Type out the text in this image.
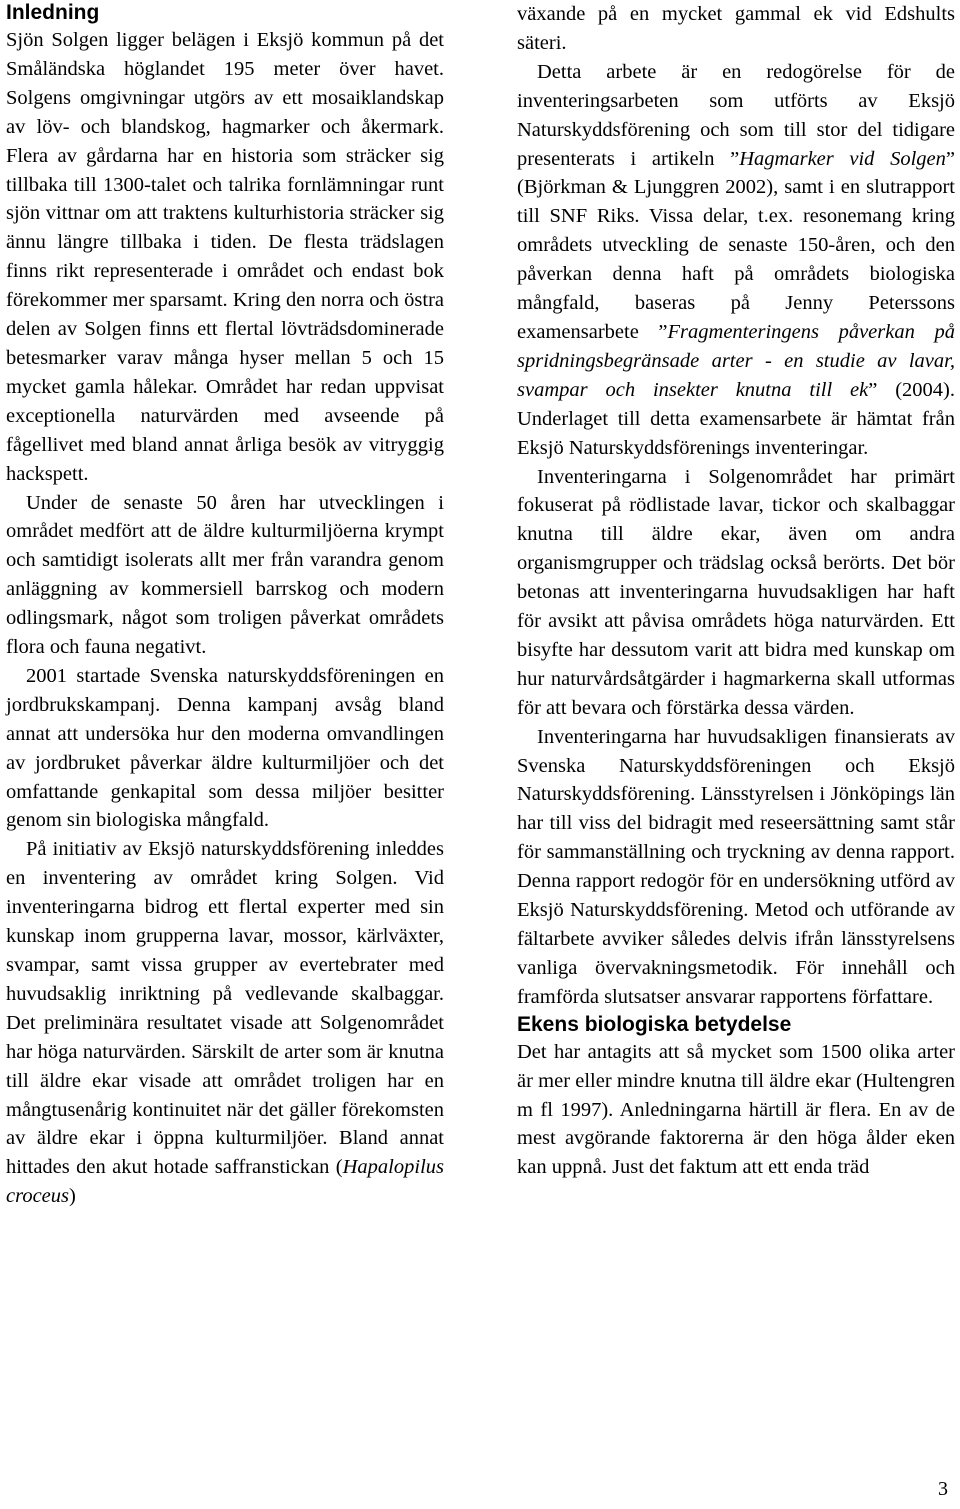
Inledning

Sjön Solgen ligger belägen i Eksjö kommun på det Småländska höglandet 195 meter över havet. Solgens omgivningar utgörs av ett mosaiklandskap av löv- och blandskog, hagmarker och åkermark. Flera av gårdarna har en historia som sträcker sig tillbaka till 1300-talet och talrika fornlämningar runt sjön vittnar om att traktens kulturhistoria sträcker sig ännu längre tillbaka i tiden. De flesta trädslagen finns rikt representerade i området och endast bok förekommer mer sparsamt. Kring den norra och östra delen av Solgen finns ett flertal lövträdsdominerade betesmarker varav många hyser mellan 5 och 15 mycket gamla hålekar. Området har redan uppvisat exceptionella naturvärden med avseende på fågellivet med bland annat årliga besök av vitryggig hackspett.

Under de senaste 50 åren har utvecklingen i området medfört att de äldre kulturmiljöerna krympt och samtidigt isolerats allt mer från varandra genom anläggning av kommersiell barrskog och modern odlingsmark, något som troligen påverkat områdets flora och fauna negativt.

2001 startade Svenska naturskyddsföreningen en jordbrukskampanj. Denna kampanj avsåg bland annat att undersöka hur den moderna omvandlingen av jordbruket påverkar äldre kulturmiljöer och det omfattande genkapital som dessa miljöer besitter genom sin biologiska mångfald.

På initiativ av Eksjö naturskyddsförening inleddes en inventering av området kring Solgen. Vid inventeringarna bidrog ett flertal experter med sin kunskap inom grupperna lavar, mossor, kärlväxter, svampar, samt vissa grupper av evertebrater med huvudsaklig inriktning på vedlevande skalbaggar. Det preliminära resultatet visade att Solgenområdet har höga naturvärden. Särskilt de arter som är knutna till äldre ekar visade att området troligen har en mångtusenårig kontinuitet när det gäller förekomsten av äldre ekar i öppna kulturmiljöer. Bland annat hittades den akut hotade saffranstickan (Hapalopilus croceus)

växande på en mycket gammal ek vid Edshults säteri.

Detta arbete är en redogörelse för de inventeringsarbeten som utförts av Eksjö Naturskyddsförening och som till stor del tidigare presenterats i artikeln ”Hagmarker vid Solgen” (Björkman & Ljunggren 2002), samt i en slutrapport till SNF Riks. Vissa delar, t.ex. resonemang kring områdets utveckling de senaste 150-åren, och den påverkan denna haft på områdets biologiska mångfald, baseras på Jenny Peterssons examensarbete ”Fragmenteringens påverkan på spridningsbegränsade arter - en studie av lavar, svampar och insekter knutna till ek” (2004). Underlaget till detta examensarbete är hämtat från Eksjö Naturskyddsförenings inventeringar.

Inventeringarna i Solgenområdet har primärt fokuserat på rödlistade lavar, tickor och skalbaggar knutna till äldre ekar, även om andra organismgrupper och trädslag också berörts. Det bör betonas att inventeringarna huvudsakligen har haft för avsikt att påvisa områdets höga naturvärden. Ett bisyfte har dessutom varit att bidra med kunskap om hur naturvårdsåtgärder i hagmarkerna skall utformas för att bevara och förstärka dessa värden.

Inventeringarna har huvudsakligen finansierats av Svenska Naturskyddsföreningen och Eksjö Naturskyddsförening. Länsstyrelsen i Jönköpings län har till viss del bidragit med reseersättning samt står för sammanställning och tryckning av denna rapport. Denna rapport redogör för en undersökning utförd av Eksjö Naturskyddsförening. Metod och utförande av fältarbete avviker således delvis ifrån länsstyrelsens vanliga övervakningsmetodik. För innehåll och framförda slutsatser ansvarar rapportens författare.

Ekens biologiska betydelse

Det har antagits att så mycket som 1500 olika arter är mer eller mindre knutna till äldre ekar (Hultengren m fl 1997). Anledningarna härtill är flera. En av de mest avgörande faktorerna är den höga ålder eken kan uppnå. Just det faktum att ett enda träd

3
